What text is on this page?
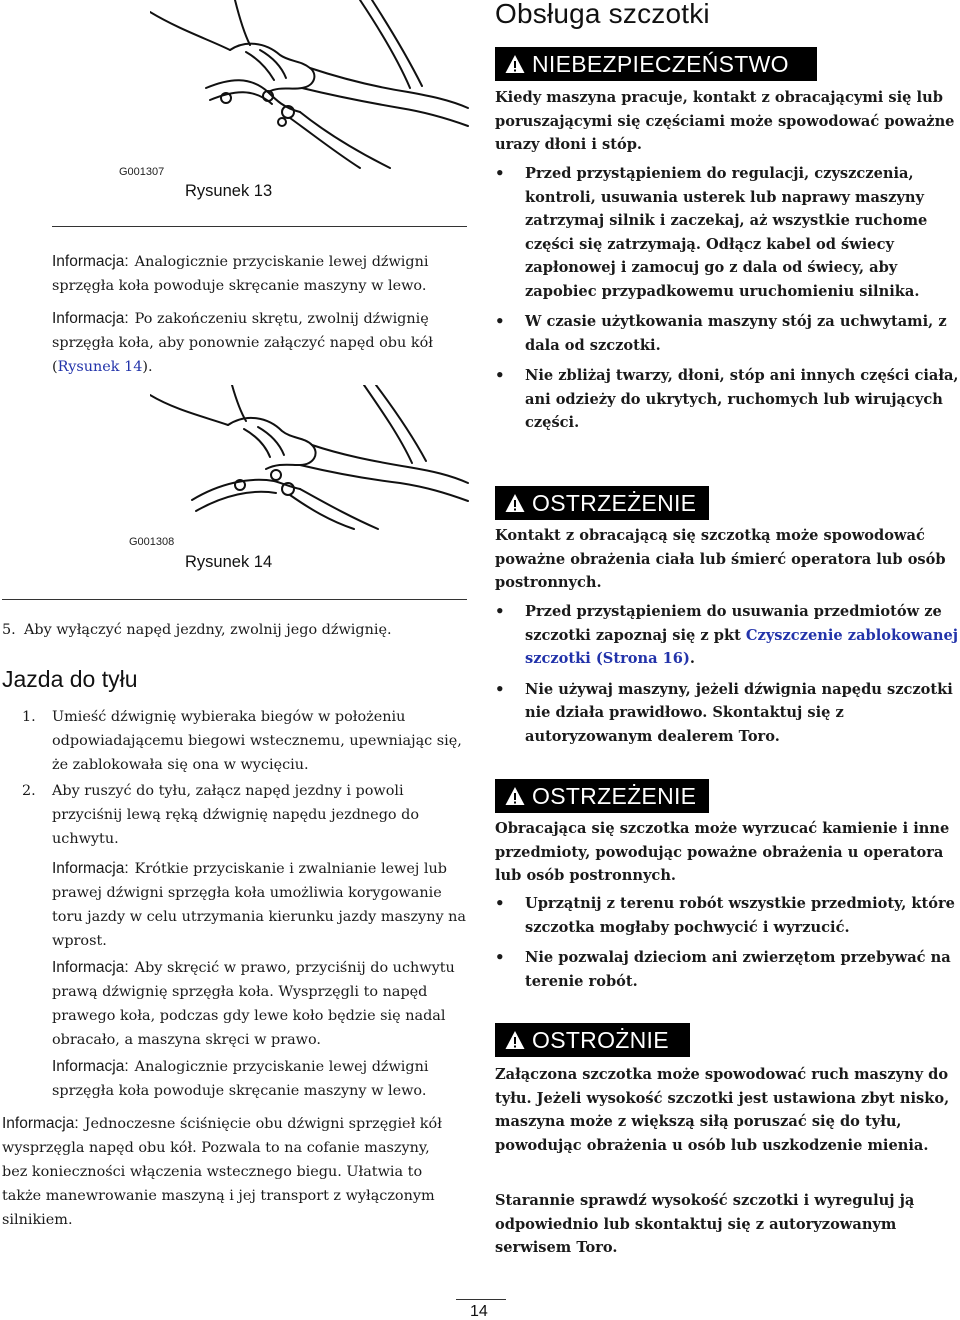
G001307
Rysunek 13
Informacja: Analogicznie przyciskanie lewej dźwigni sprzęgła koła powoduje skręcanie maszyny w lewo.
Informacja: Po zakończeniu skrętu, zwolnij dźwignię sprzęgła koła, aby ponownie załączyć napęd obu kół (Rysunek 14).
G001308
Rysunek 14
5. Aby wyłączyć napęd jezdny, zwolnij jego dźwignię.
Jazda do tyłu
1. Umieść dźwignię wybieraka biegów w położeniu odpowiadającemu biegowi wstecznemu, upewniając się, że zablokowała się ona w wycięciu.
2. Aby ruszyć do tyłu, załącz napęd jezdny i powoli przyciśnij lewą ręką dźwignię napędu jezdnego do uchwytu.
Informacja: Krótkie przyciskanie i zwalnianie lewej lub prawej dźwigni sprzęgła koła umożliwia korygowanie toru jazdy w celu utrzymania kierunku jazdy maszyny na wprost.
Informacja: Aby skręcić w prawo, przyciśnij do uchwytu prawą dźwignię sprzęgła koła. Wysprzęgli to napęd prawego koła, podczas gdy lewe koło będzie się nadal obracało, a maszyna skręci w prawo.
Informacja: Analogicznie przyciskanie lewej dźwigni sprzęgła koła powoduje skręcanie maszyny w lewo.
Informacja: Jednoczesne ściśnięcie obu dźwigni sprzęgieł kół wysprzęgla napęd obu kół. Pozwala to na cofanie maszyny, bez konieczności włączenia wstecznego biegu. Ułatwia to także manewrowanie maszyną i jej transport z wyłączonym silnikiem.
Obsługa szczotki
NIEBEZPIECZEŃSTWO
Kiedy maszyna pracuje, kontakt z obracającymi się lub poruszającymi się częściami może spowodować poważne urazy dłoni i stóp.
• Przed przystąpieniem do regulacji, czyszczenia, kontroli, usuwania usterek lub naprawy maszyny zatrzymaj silnik i zaczekaj, aż wszystkie ruchome części się zatrzymają. Odłącz kabel od świecy zapłonowej i zamocuj go z dala od świecy, aby zapobiec przypadkowemu uruchomieniu silnika.
• W czasie użytkowania maszyny stój za uchwytami, z dala od szczotki.
• Nie zbliżaj twarzy, dłoni, stóp ani innych części ciała, ani odzieży do ukrytych, ruchomych lub wirujących części.
OSTRZEŻENIE
Kontakt z obracającą się szczotką może spowodować poważne obrażenia ciała lub śmierć operatora lub osób postronnych.
• Przed przystąpieniem do usuwania przedmiotów ze szczotki zapoznaj się z pkt Czyszczenie zablokowanej szczotki (Strona 16).
• Nie używaj maszyny, jeżeli dźwignia napędu szczotki nie działa prawidłowo. Skontaktuj się z autoryzowanym dealerem Toro.
OSTRZEŻENIE
Obracająca się szczotka może wyrzucać kamienie i inne przedmioty, powodując poważne obrażenia u operatora lub osób postronnych.
• Uprzątnij z terenu robót wszystkie przedmioty, które szczotka mogłaby pochwycić i wyrzucić.
• Nie pozwalaj dzieciom ani zwierzętom przebywać na terenie robót.
OSTROŻNIE
Załączona szczotka może spowodować ruch maszyny do tyłu. Jeżeli wysokość szczotki jest ustawiona zbyt nisko, maszyna może z większą siłą poruszać się do tyłu, powodując obrażenia u osób lub uszkodzenie mienia.
Starannie sprawdź wysokość szczotki i wyreguluj ją odpowiednio lub skontaktuj się z autoryzowanym serwisem Toro.
14
